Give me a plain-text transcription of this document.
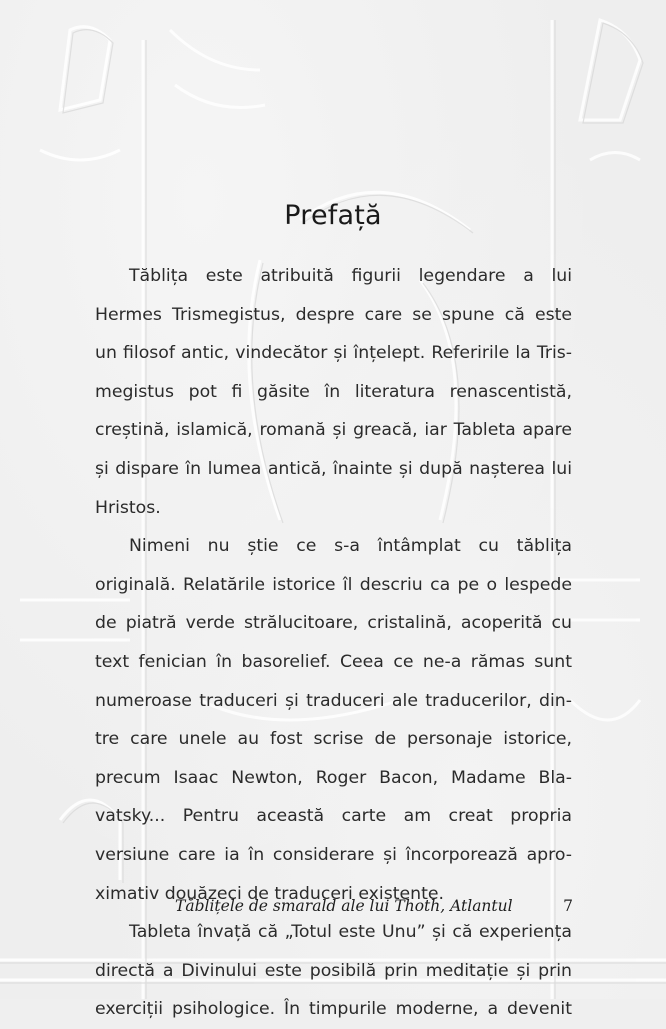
Prefață
Tăblița este atribuită figurii legendare a lui
Hermes Trismegistus, despre care se spune că este
un filosof antic, vindecător și înțelept. Referirile la Tris-
megistus pot fi găsite în literatura renascentistă,
creștină, islamică, romană și greacă, iar Tableta apare
și dispare în lumea antică, înainte și după nașterea lui
Hristos.
Nimeni nu știe ce s-a întâmplat cu tăblița
originală. Relatările istorice îl descriu ca pe o lespede
de piatră verde strălucitoare, cristalină, acoperită cu
text fenician în basorelief. Ceea ce ne-a rămas sunt
numeroase traduceri și traduceri ale traducerilor, din-
tre care unele au fost scrise de personaje istorice,
precum Isaac Newton, Roger Bacon, Madame Bla-
vatsky... Pentru această carte am creat propria
versiune care ia în considerare și încorporează apro-
ximativ douăzeci de traduceri existente.
Tableta învață că „Totul este Unu” și că experiența
directă a Divinului este posibilă prin meditație și prin
exerciții psihologice. În timpurile moderne, a devenit
Tăblițele de smarald ale lui Thoth, Atlantul	7
